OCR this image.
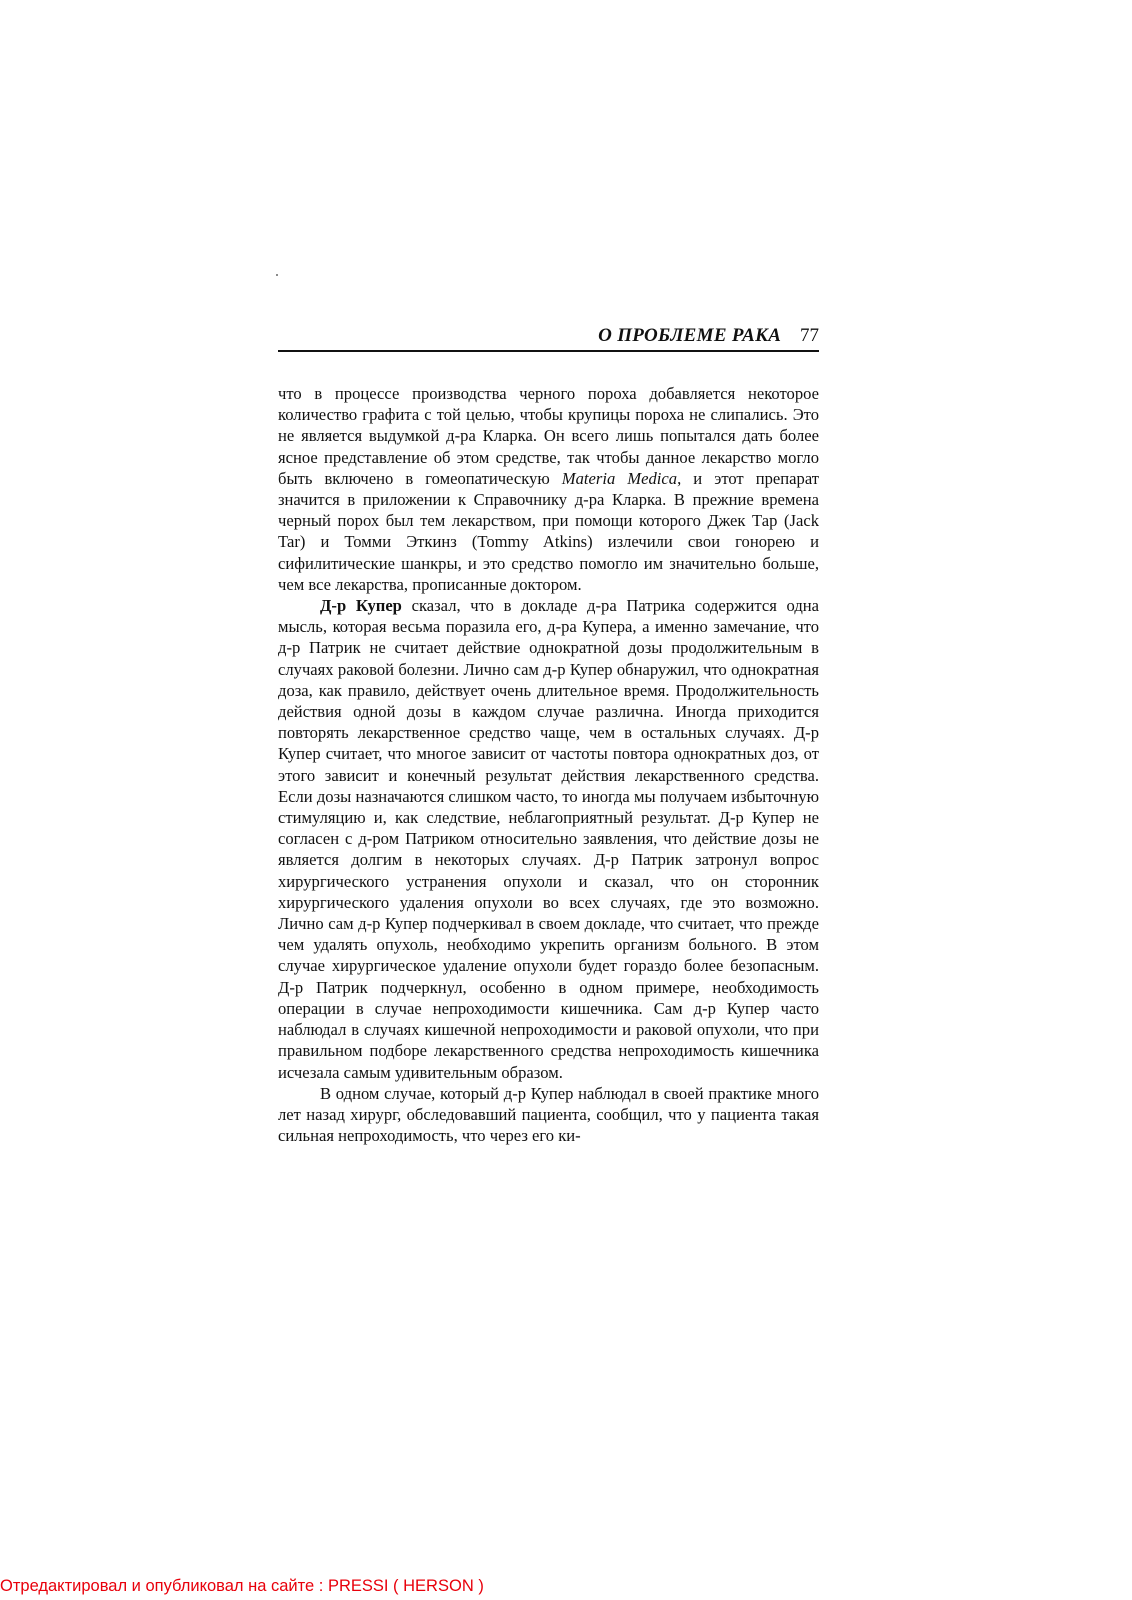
О ПРОБЛЕМЕ РАКА 77

что в процессе производства черного пороха добавляется некоторое количество графита с той целью, чтобы крупицы пороха не слипались. Это не является выдумкой д-ра Кларка. Он всего лишь попытался дать более ясное представление об этом средстве, так чтобы данное лекарство могло быть включено в гомеопатическую Materia Medica, и этот препарат значится в приложении к Справочнику д-ра Кларка. В прежние времена черный порох был тем лекарством, при помощи которого Джек Тар (Jack Tar) и Томми Эткинз (Tommy Atkins) излечили свои гонорею и сифилитические шанкры, и это средство помогло им значительно больше, чем все лекарства, прописанные доктором.

Д-р Купер сказал, что в докладе д-ра Патрика содержится одна мысль, которая весьма поразила его, д-ра Купера, а именно замечание, что д-р Патрик не считает действие однократной дозы продолжительным в случаях раковой болезни. Лично сам д-р Купер обнаружил, что однократная доза, как правило, действует очень длительное время. Продолжительность действия одной дозы в каждом случае различна. Иногда приходится повторять лекарственное средство чаще, чем в остальных случаях. Д-р Купер считает, что многое зависит от частоты повтора однократных доз, от этого зависит и конечный результат действия лекарственного средства. Если дозы назначаются слишком часто, то иногда мы получаем избыточную стимуляцию и, как следствие, неблагоприятный результат. Д-р Купер не согласен с д-ром Патриком относительно заявления, что действие дозы не является долгим в некоторых случаях. Д-р Патрик затронул вопрос хирургического устранения опухоли и сказал, что он сторонник хирургического удаления опухоли во всех случаях, где это возможно. Лично сам д-р Купер подчеркивал в своем докладе, что считает, что прежде чем удалять опухоль, необходимо укрепить организм больного. В этом случае хирургическое удаление опухоли будет гораздо более безопасным. Д-р Патрик подчеркнул, особенно в одном примере, необходимость операции в случае непроходимости кишечника. Сам д-р Купер часто наблюдал в случаях кишечной непроходимости и раковой опухоли, что при правильном подборе лекарственного средства непроходимость кишечника исчезала самым удивительным образом.

В одном случае, который д-р Купер наблюдал в своей практике много лет назад хирург, обследовавший пациента, сообщил, что у пациента такая сильная непроходимость, что через его ки-

Отредактировал и опубликовал на сайте : PRESSI ( HERSON )
